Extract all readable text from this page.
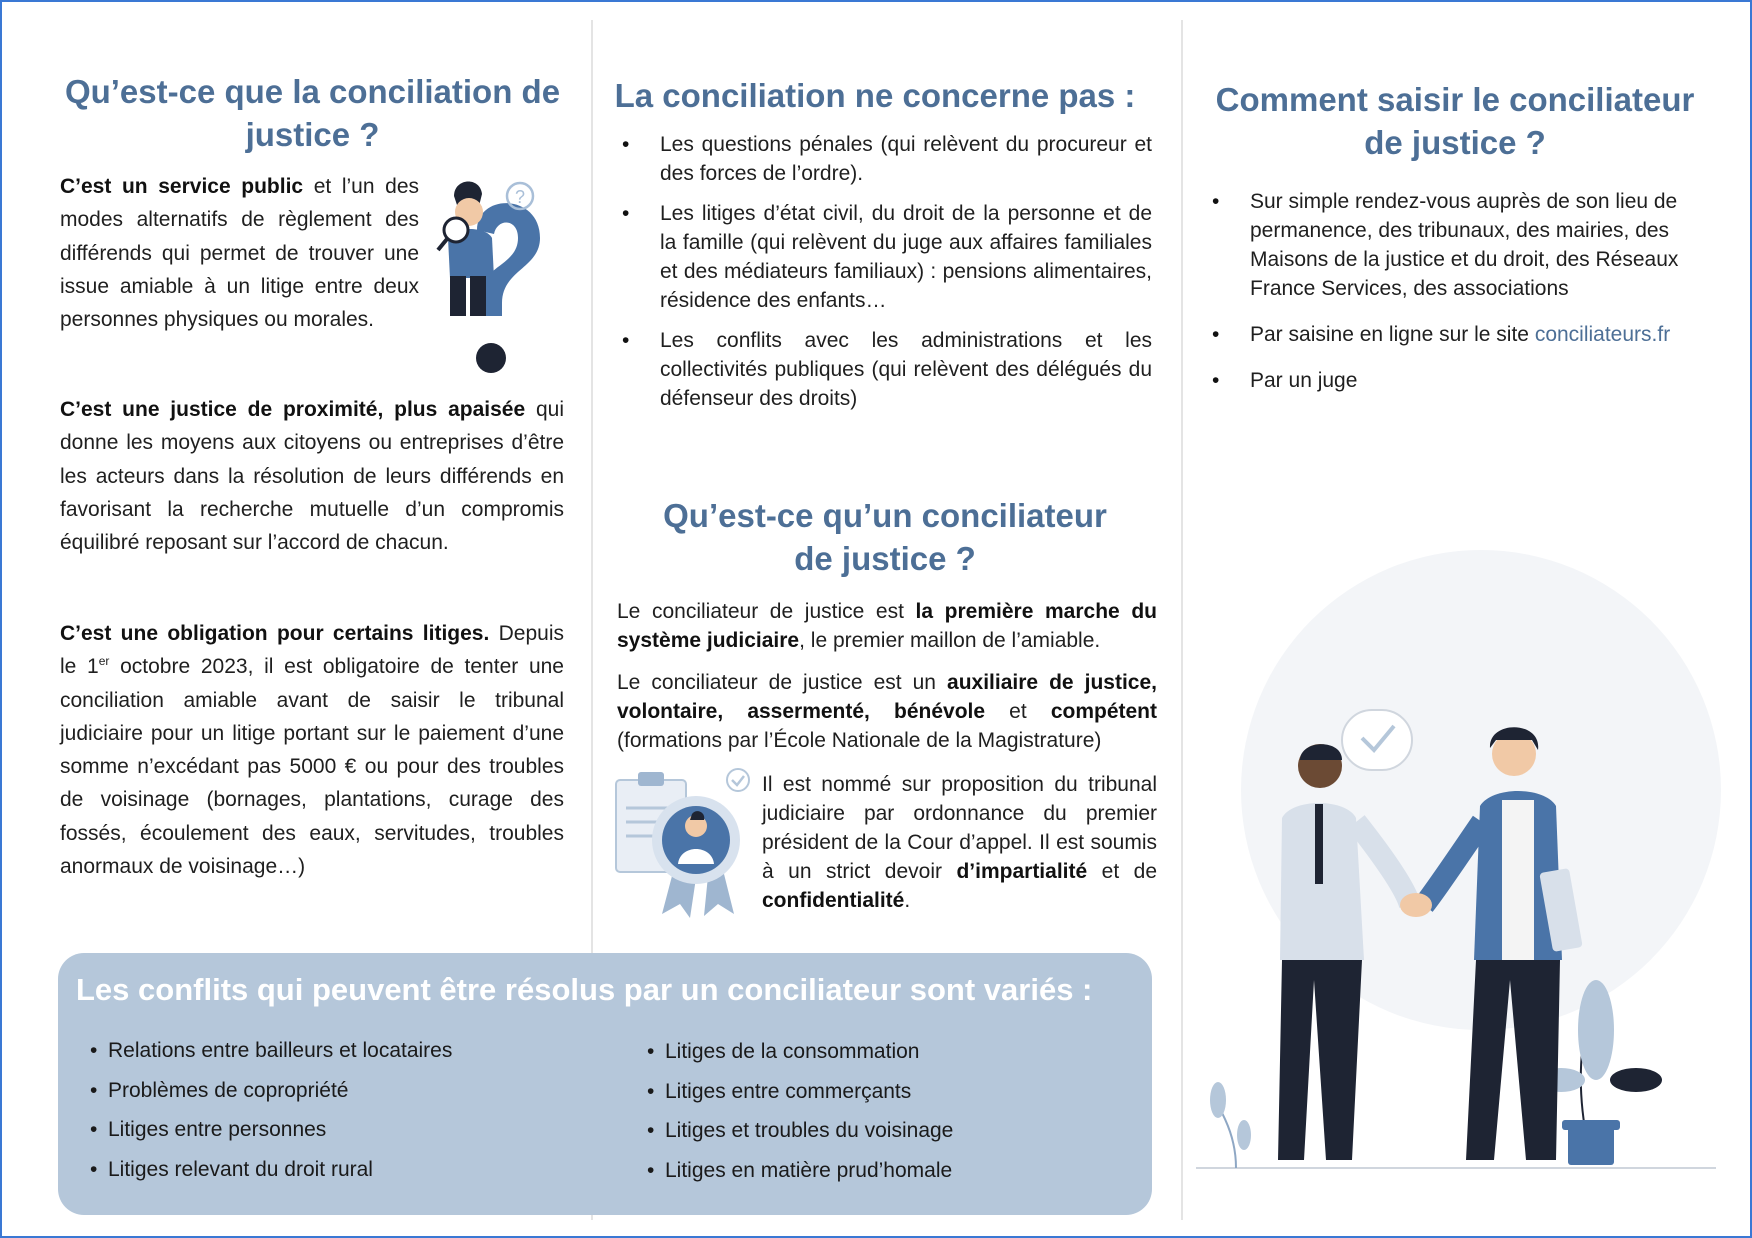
Qu’est-ce que la conciliation de justice ?
C’est un service public et l’un des modes alternatifs de règlement des différends qui permet de trouver une issue amiable à un litige entre deux personnes physiques ou morales.
?
C’est une justice de proximité, plus apaisée qui donne les moyens aux citoyens ou entreprises d’être les acteurs dans la résolution de leurs différends en favorisant la recherche mutuelle d’un compromis équilibré reposant sur l’accord de chacun.
C’est une obligation pour certains litiges. Depuis le 1er octobre 2023, il est obligatoire de tenter une conciliation amiable avant de saisir le tribunal judiciaire pour un litige portant sur le paiement d’une somme n’excédant pas 5000 € ou pour des troubles de voisinage (bornages, plantations, curage des fossés, écoulement des eaux, servitudes, troubles anormaux de voisinage…)
La conciliation ne concerne pas :
• Les questions pénales (qui relèvent du procureur et des forces de l’ordre).
• Les litiges d’état civil, du droit de la personne et de la famille (qui relèvent du juge aux affaires familiales et des médiateurs familiaux) : pensions alimentaires, résidence des enfants…
• Les conflits avec les administrations et les collectivités publiques (qui relèvent des délégués du défenseur des droits)
Qu’est-ce qu’un conciliateur de justice ?
Le conciliateur de justice est la première marche du système judiciaire, le premier maillon de l’amiable.
Le conciliateur de justice est un auxiliaire de justice, volontaire, assermenté, bénévole et compétent (formations par l’École Nationale de la Magistrature)
Il est nommé sur proposition du tribunal judiciaire par ordonnance du premier président de la Cour d’appel. Il est soumis à un strict devoir d’impartialité et de confidentialité.
Comment saisir le conciliateur de justice ?
• Sur simple rendez-vous auprès de son lieu de permanence, des tribunaux, des mairies, des Maisons de la justice et du droit, des Réseaux France Services, des associations
• Par saisine en ligne sur le site conciliateurs.fr
• Par un juge
Les conflits qui peuvent être résolus par un conciliateur sont variés :
• Relations entre bailleurs et locataires
• Problèmes de copropriété
• Litiges entre personnes
• Litiges relevant du droit rural
• Litiges de la consommation
• Litiges entre commerçants
• Litiges et troubles du voisinage
• Litiges en matière prud’homale
